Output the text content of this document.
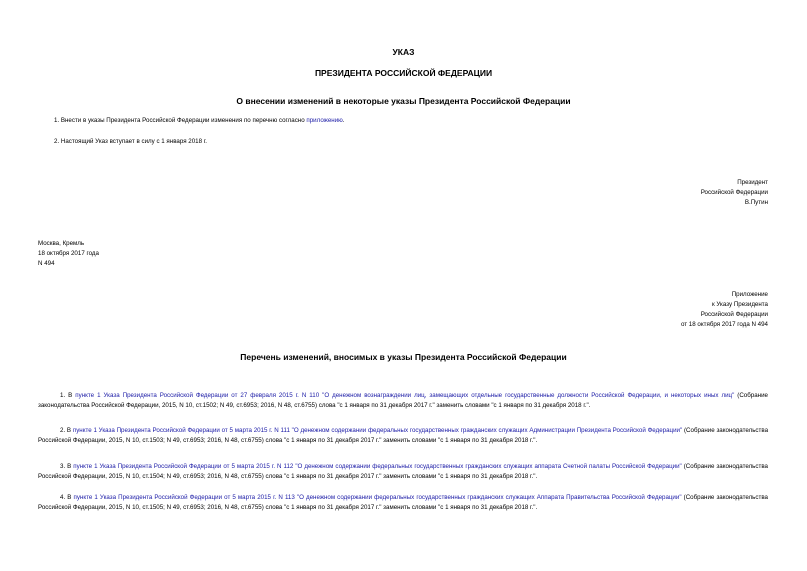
УКАЗ
ПРЕЗИДЕНТА РОССИЙСКОЙ ФЕДЕРАЦИИ
О внесении изменений в некоторые указы Президента Российской Федерации
1. Внести в указы Президента Российской Федерации изменения по перечню согласно приложению.
2. Настоящий Указ вступает в силу с 1 января 2018 г.
Президент
Российской Федерации
В.Путин
Москва, Кремль
18 октября 2017 года
N 494
Приложение
к Указу Президента
Российской Федерации
от 18 октября 2017 года N 494
Перечень изменений, вносимых в указы Президента Российской Федерации
1. В пункте 1 Указа Президента Российской Федерации от 27 февраля 2015 г. N 110 "О денежном вознаграждении лиц, замещающих отдельные государственные должности Российской Федерации, и некоторых иных лиц" (Собрание законодательства Российской Федерации, 2015, N 10, ст.1502; N 49, ст.6953; 2016, N 48, ст.6755) слова "с 1 января по 31 декабря 2017 г." заменить словами "с 1 января по 31 декабря 2018 г.".
2. В пункте 1 Указа Президента Российской Федерации от 5 марта 2015 г. N 111 "О денежном содержании федеральных государственных гражданских служащих Администрации Президента Российской Федерации" (Собрание законодательства Российской Федерации, 2015, N 10, ст.1503; N 49, ст.6953; 2016, N 48, ст.6755) слова "с 1 января по 31 декабря 2017 г." заменить словами "с 1 января по 31 декабря 2018 г.".
3. В пункте 1 Указа Президента Российской Федерации от 5 марта 2015 г. N 112 "О денежном содержании федеральных государственных гражданских служащих аппарата Счетной палаты Российской Федерации" (Собрание законодательства Российской Федерации, 2015, N 10, ст.1504; N 49, ст.6953; 2016, N 48, ст.6755) слова "с 1 января по 31 декабря 2017 г." заменить словами "с 1 января по 31 декабря 2018 г.".
4. В пункте 1 Указа Президента Российской Федерации от 5 марта 2015 г. N 113 "О денежном содержании федеральных государственных гражданских служащих Аппарата Правительства Российской Федерации" (Собрание законодательства Российской Федерации, 2015, N 10, ст.1505; N 49, ст.6953; 2016, N 48, ст.6755) слова "с 1 января по 31 декабря 2017 г." заменить словами "с 1 января по 31 декабря 2018 г.".
